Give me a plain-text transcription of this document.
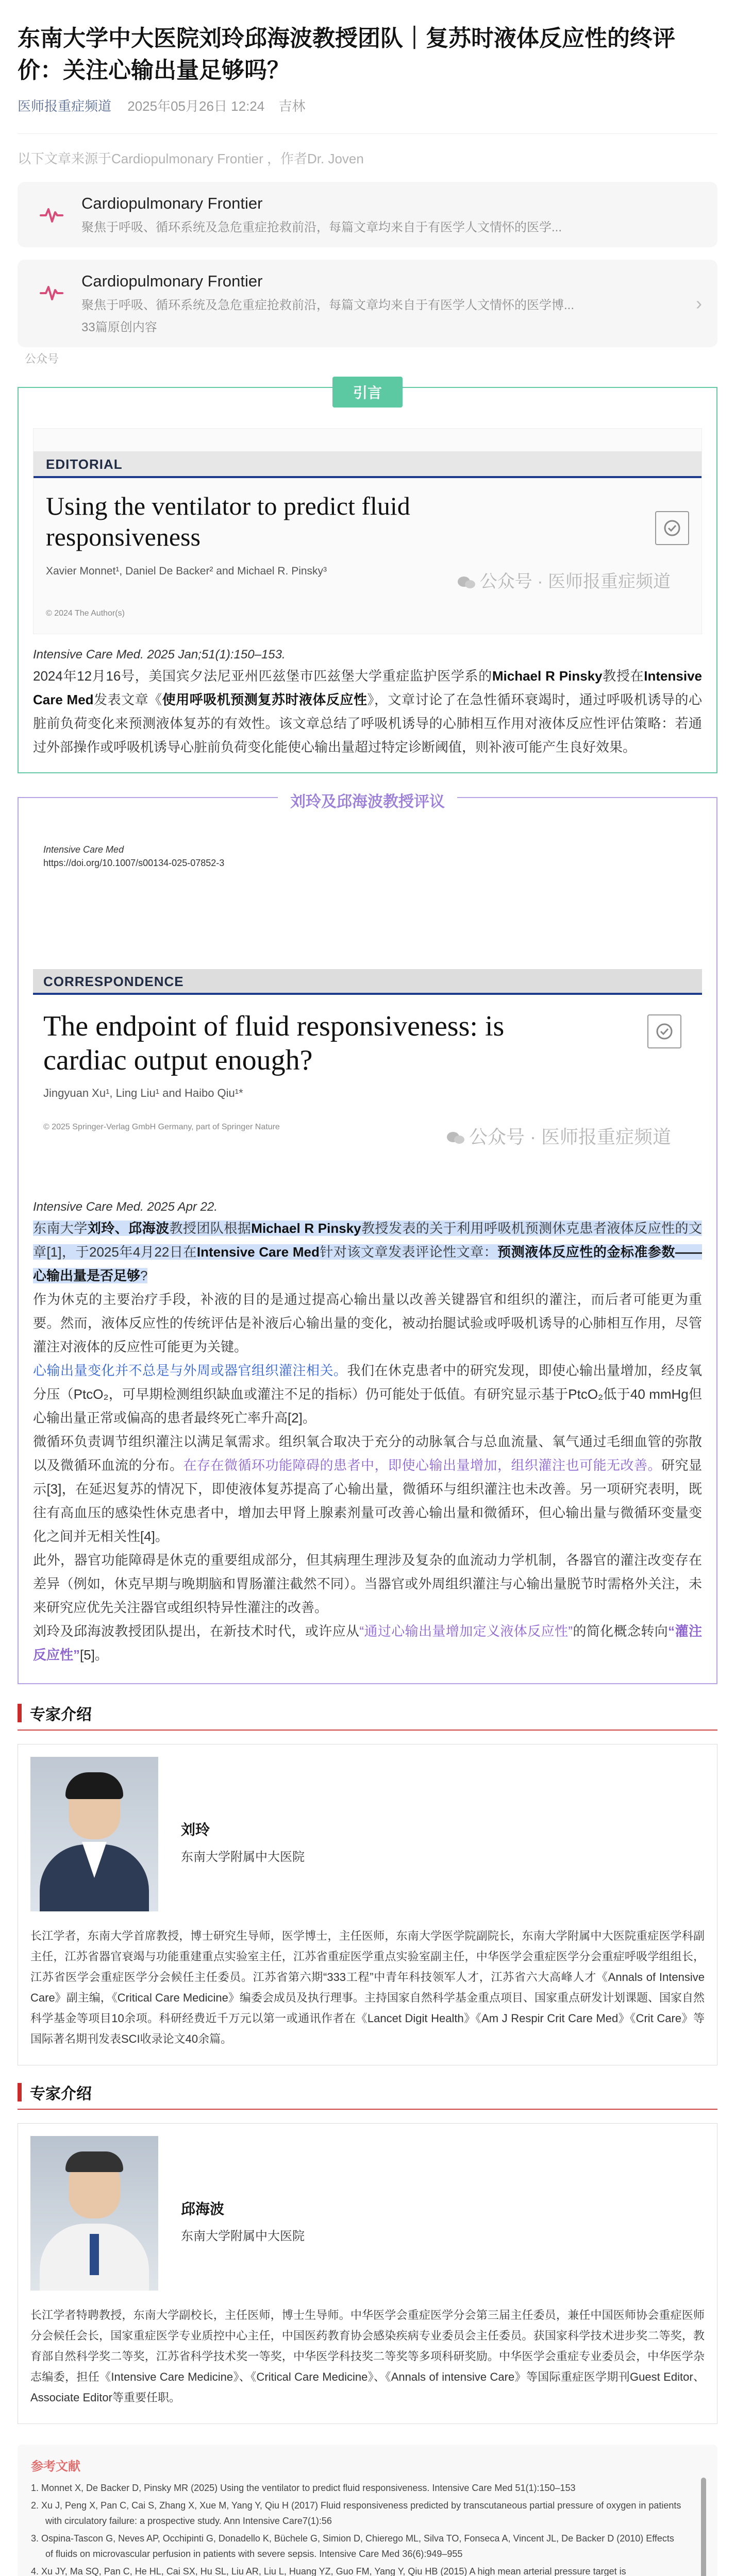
东南大学中大医院刘玲邱海波教授团队｜复苏时液体反应性的终评价：关注心输出量足够吗？
医师报重症频道 2025年05月26日 12:24 吉林
以下文章来源于Cardiopulmonary Frontier ，作者Dr. Joven
Cardiopulmonary Frontier
聚焦于呼吸、循环系统及急危重症抢救前沿，每篇文章均来自于有医学人文情怀的医学...
Cardiopulmonary Frontier
聚焦于呼吸、循环系统及急危重症抢救前沿，每篇文章均来自于有医学人文情怀的医学博...
33篇原创内容
›
公众号
引言
EDITORIAL
Using the ventilator to predict fluid responsiveness
Xavier Monnet¹, Daniel De Backer² and Michael R. Pinsky³
© 2024 The Author(s)
公众号 · 医师报重症频道
Intensive Care Med. 2025 Jan;51(1):150–153.

2024年12月16号，美国宾夕法尼亚州匹兹堡市匹兹堡大学重症监护医学系的Michael R Pinsky教授在Intensive Care Med发表文章《使用呼吸机预测复苏时液体反应性》，文章讨论了在急性循环衰竭时，通过呼吸机诱导的心脏前负荷变化来预测液体复苏的有效性。该文章总结了呼吸机诱导的心肺相互作用对液体反应性评估策略：若通过外部操作或呼吸机诱导心脏前负荷变化能使心输出量超过特定诊断阈值，则补液可能产生良好效果。

刘玲及邱海波教授评议
Intensive Care Med
https://doi.org/10.1007/s00134-025-07852-3
CORRESPONDENCE
The endpoint of fluid responsiveness: is cardiac output enough?
Jingyuan Xu¹, Ling Liu¹ and Haibo Qiu¹*
© 2025 Springer-Verlag GmbH Germany, part of Springer Nature	公众号 · 医师报重症频道
Intensive Care Med. 2025 Apr 22.

东南大学刘玲、邱海波教授团队根据Michael R Pinsky教授发表的关于利用呼吸机预测休克患者液体反应性的文章[1]，于2025年4月22日在Intensive Care Med针对该文章发表评论性文章：预测液体反应性的金标准参数——心输出量是否足够?

作为休克的主要治疗手段，补液的目的是通过提高心输出量以改善关键器官和组织的灌注，而后者可能更为重要。然而，液体反应性的传统评估是补液后心输出量的变化，被动抬腿试验或呼吸机诱导的心肺相互作用，尽管灌注对液体的反应性可能更为关键。

心输出量变化并不总是与外周或器官组织灌注相关。我们在休克患者中的研究发现，即使心输出量增加，经皮氧分压（PtcO₂，可早期检测组织缺血或灌注不足的指标）仍可能处于低值。有研究显示基于PtcO₂低于40 mmHg但心输出量正常或偏高的患者最终死亡率升高[2]。

微循环负责调节组织灌注以满足氧需求。组织氧合取决于充分的动脉氧合与总血流量、氧气通过毛细血管的弥散以及微循环血流的分布。在存在微循环功能障碍的患者中，即使心输出量增加，组织灌注也可能无改善。研究显示[3]，在延迟复苏的情况下，即使液体复苏提高了心输出量，微循环与组织灌注也未改善。另一项研究表明，既往有高血压的感染性休克患者中，增加去甲肾上腺素剂量可改善心输出量和微循环，但心输出量与微循环变量变化之间并无相关性[4]。

此外，器官功能障碍是休克的重要组成部分，但其病理生理涉及复杂的血流动力学机制，各器官的灌注改变存在差异（例如，休克早期与晚期脑和胃肠灌注截然不同）。当器官或外周组织灌注与心输出量脱节时需格外关注，未来研究应优先关注器官或组织特异性灌注的改善。

刘玲及邱海波教授团队提出，在新技术时代，或许应从“通过心输出量增加定义液体反应性”的简化概念转向“灌注反应性”[5]。

专家介绍
刘玲
东南大学附属中大医院

长江学者，东南大学首席教授，博士研究生导师，医学博士，主任医师，东南大学医学院副院长，东南大学附属中大医院重症医学科副主任，江苏省器官衰竭与功能重建重点实验室主任，江苏省重症医学重点实验室副主任，中华医学会重症医学分会重症呼吸学组组长，江苏省医学会重症医学分会候任主任委员。江苏省第六期“333工程”中青年科技领军人才，江苏省六大高峰人才《Annals of Intensive Care》副主编，《Critical Care Medicine》编委会成员及执行理事。主持国家自然科学基金重点项目、国家重点研发计划课题、国家自然科学基金等项目10余项。科研经费近千万元以第一或通讯作者在《Lancet Digit Health》《Am J Respir Crit Care Med》《Crit Care》等国际著名期刊发表SCI收录论文40余篇。

专家介绍
邱海波
东南大学附属中大医院

长江学者特聘教授，东南大学副校长，主任医师，博士生导师。中华医学会重症医学分会第三届主任委员，兼任中国医师协会重症医师分会候任会长，国家重症医学专业质控中心主任，中国医药教育协会感染疾病专业委员会主任委员。获国家科学技术进步奖二等奖，教育部自然科学奖二等奖，江苏省科学技术奖一等奖，中华医学科技奖二等奖等多项科研奖励。中华医学会重症专业委员会，中华医学杂志编委，担任《Intensive Care Medicine》、《Critical Care Medicine》、《Annals of intensive Care》等国际重症医学期刊Guest Editor、Associate Editor等重要任职。

参考文献

1. Monnet X, De Backer D, Pinsky MR (2025) Using the ventilator to predict fluid responsiveness. Intensive Care Med 51(1):150–153

2. Xu J, Peng X, Pan C, Cai S, Zhang X, Xue M, Yang Y, Qiu H (2017) Fluid responsiveness predicted by transcutaneous partial pressure of oxygen in patients with circulatory failure: a prospective study. Ann Intensive Care7(1):56

3. Ospina-Tascon G, Neves AP, Occhipinti G, Donadello K, Büchele G, Simion D, Chierego ML, Silva TO, Fonseca A, Vincent JL, De Backer D (2010) Effects of fluids on microvascular perfusion in patients with severe sepsis. Intensive Care Med 36(6):949–955

4. Xu JY, Ma SQ, Pan C, He HL, Cai SX, Hu SL, Liu AR, Liu L, Huang YZ, Guo FM, Yang Y, Qiu HB (2015) A high mean arterial pressure target is
